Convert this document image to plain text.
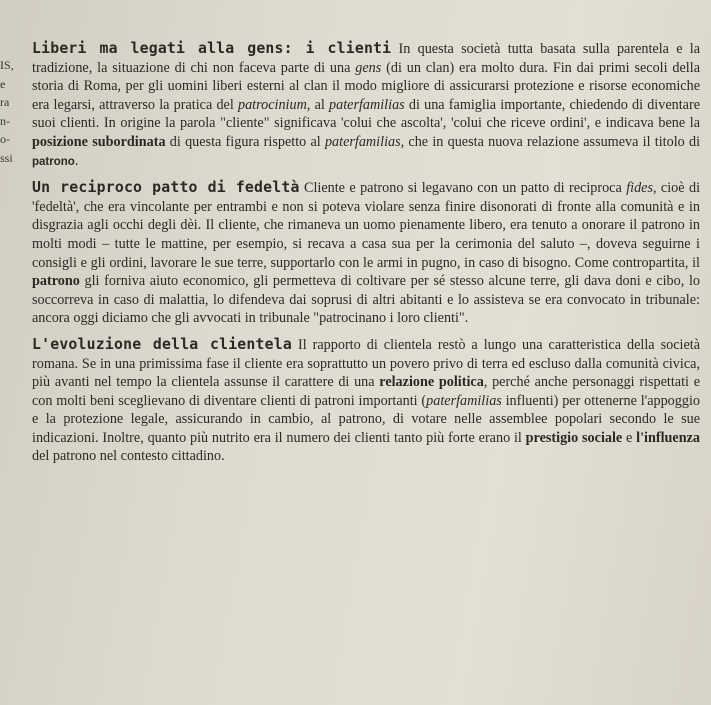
IS,
e
ra
n-
o-
ssi

Liberi ma legati alla gens: i clienti In questa società tutta basata sulla parentela e la tradizione, la situazione di chi non faceva parte di una gens (di un clan) era molto dura. Fin dai primi secoli della storia di Roma, per gli uomini liberi esterni al clan il modo migliore di assicurarsi protezione e risorse economiche era legarsi, attraverso la pratica del patrocinium, al paterfamilias di una famiglia importante, chiedendo di diventare suoi clienti. In origine la parola "cliente" significava 'colui che ascolta', 'colui che riceve ordini', e indicava bene la posizione subordinata di questa figura rispetto al paterfamilias, che in questa nuova relazione assumeva il titolo di patrono.

Un reciproco patto di fedeltà Cliente e patrono si legavano con un patto di reciproca fides, cioè di 'fedeltà', che era vincolante per entrambi e non si poteva violare senza finire disonorati di fronte alla comunità e in disgrazia agli occhi degli dèi. Il cliente, che rimaneva un uomo pienamente libero, era tenuto a onorare il patrono in molti modi – tutte le mattine, per esempio, si recava a casa sua per la cerimonia del saluto –, doveva seguirne i consigli e gli ordini, lavorare le sue terre, supportarlo con le armi in pugno, in caso di bisogno. Come contropartita, il patrono gli forniva aiuto economico, gli permetteva di coltivare per sé stesso alcune terre, gli dava doni e cibo, lo soccorreva in caso di malattia, lo difendeva dai soprusi di altri abitanti e lo assisteva se era convocato in tribunale: ancora oggi diciamo che gli avvocati in tribunale "patrocinano i loro clienti".

L'evoluzione della clientela Il rapporto di clientela restò a lungo una caratteristica della società romana. Se in una primissima fase il cliente era soprattutto un povero privo di terra ed escluso dalla comunità civica, più avanti nel tempo la clientela assunse il carattere di una relazione politica, perché anche personaggi rispettati e con molti beni sceglievano di diventare clienti di patroni importanti (paterfamilias influenti) per ottenerne l'appoggio e la protezione legale, assicurando in cambio, al patrono, di votare nelle assemblee popolari secondo le sue indicazioni. Inoltre, quanto più nutrito era il numero dei clienti tanto più forte erano il prestigio sociale e l'influenza del patrono nel contesto cittadino.
